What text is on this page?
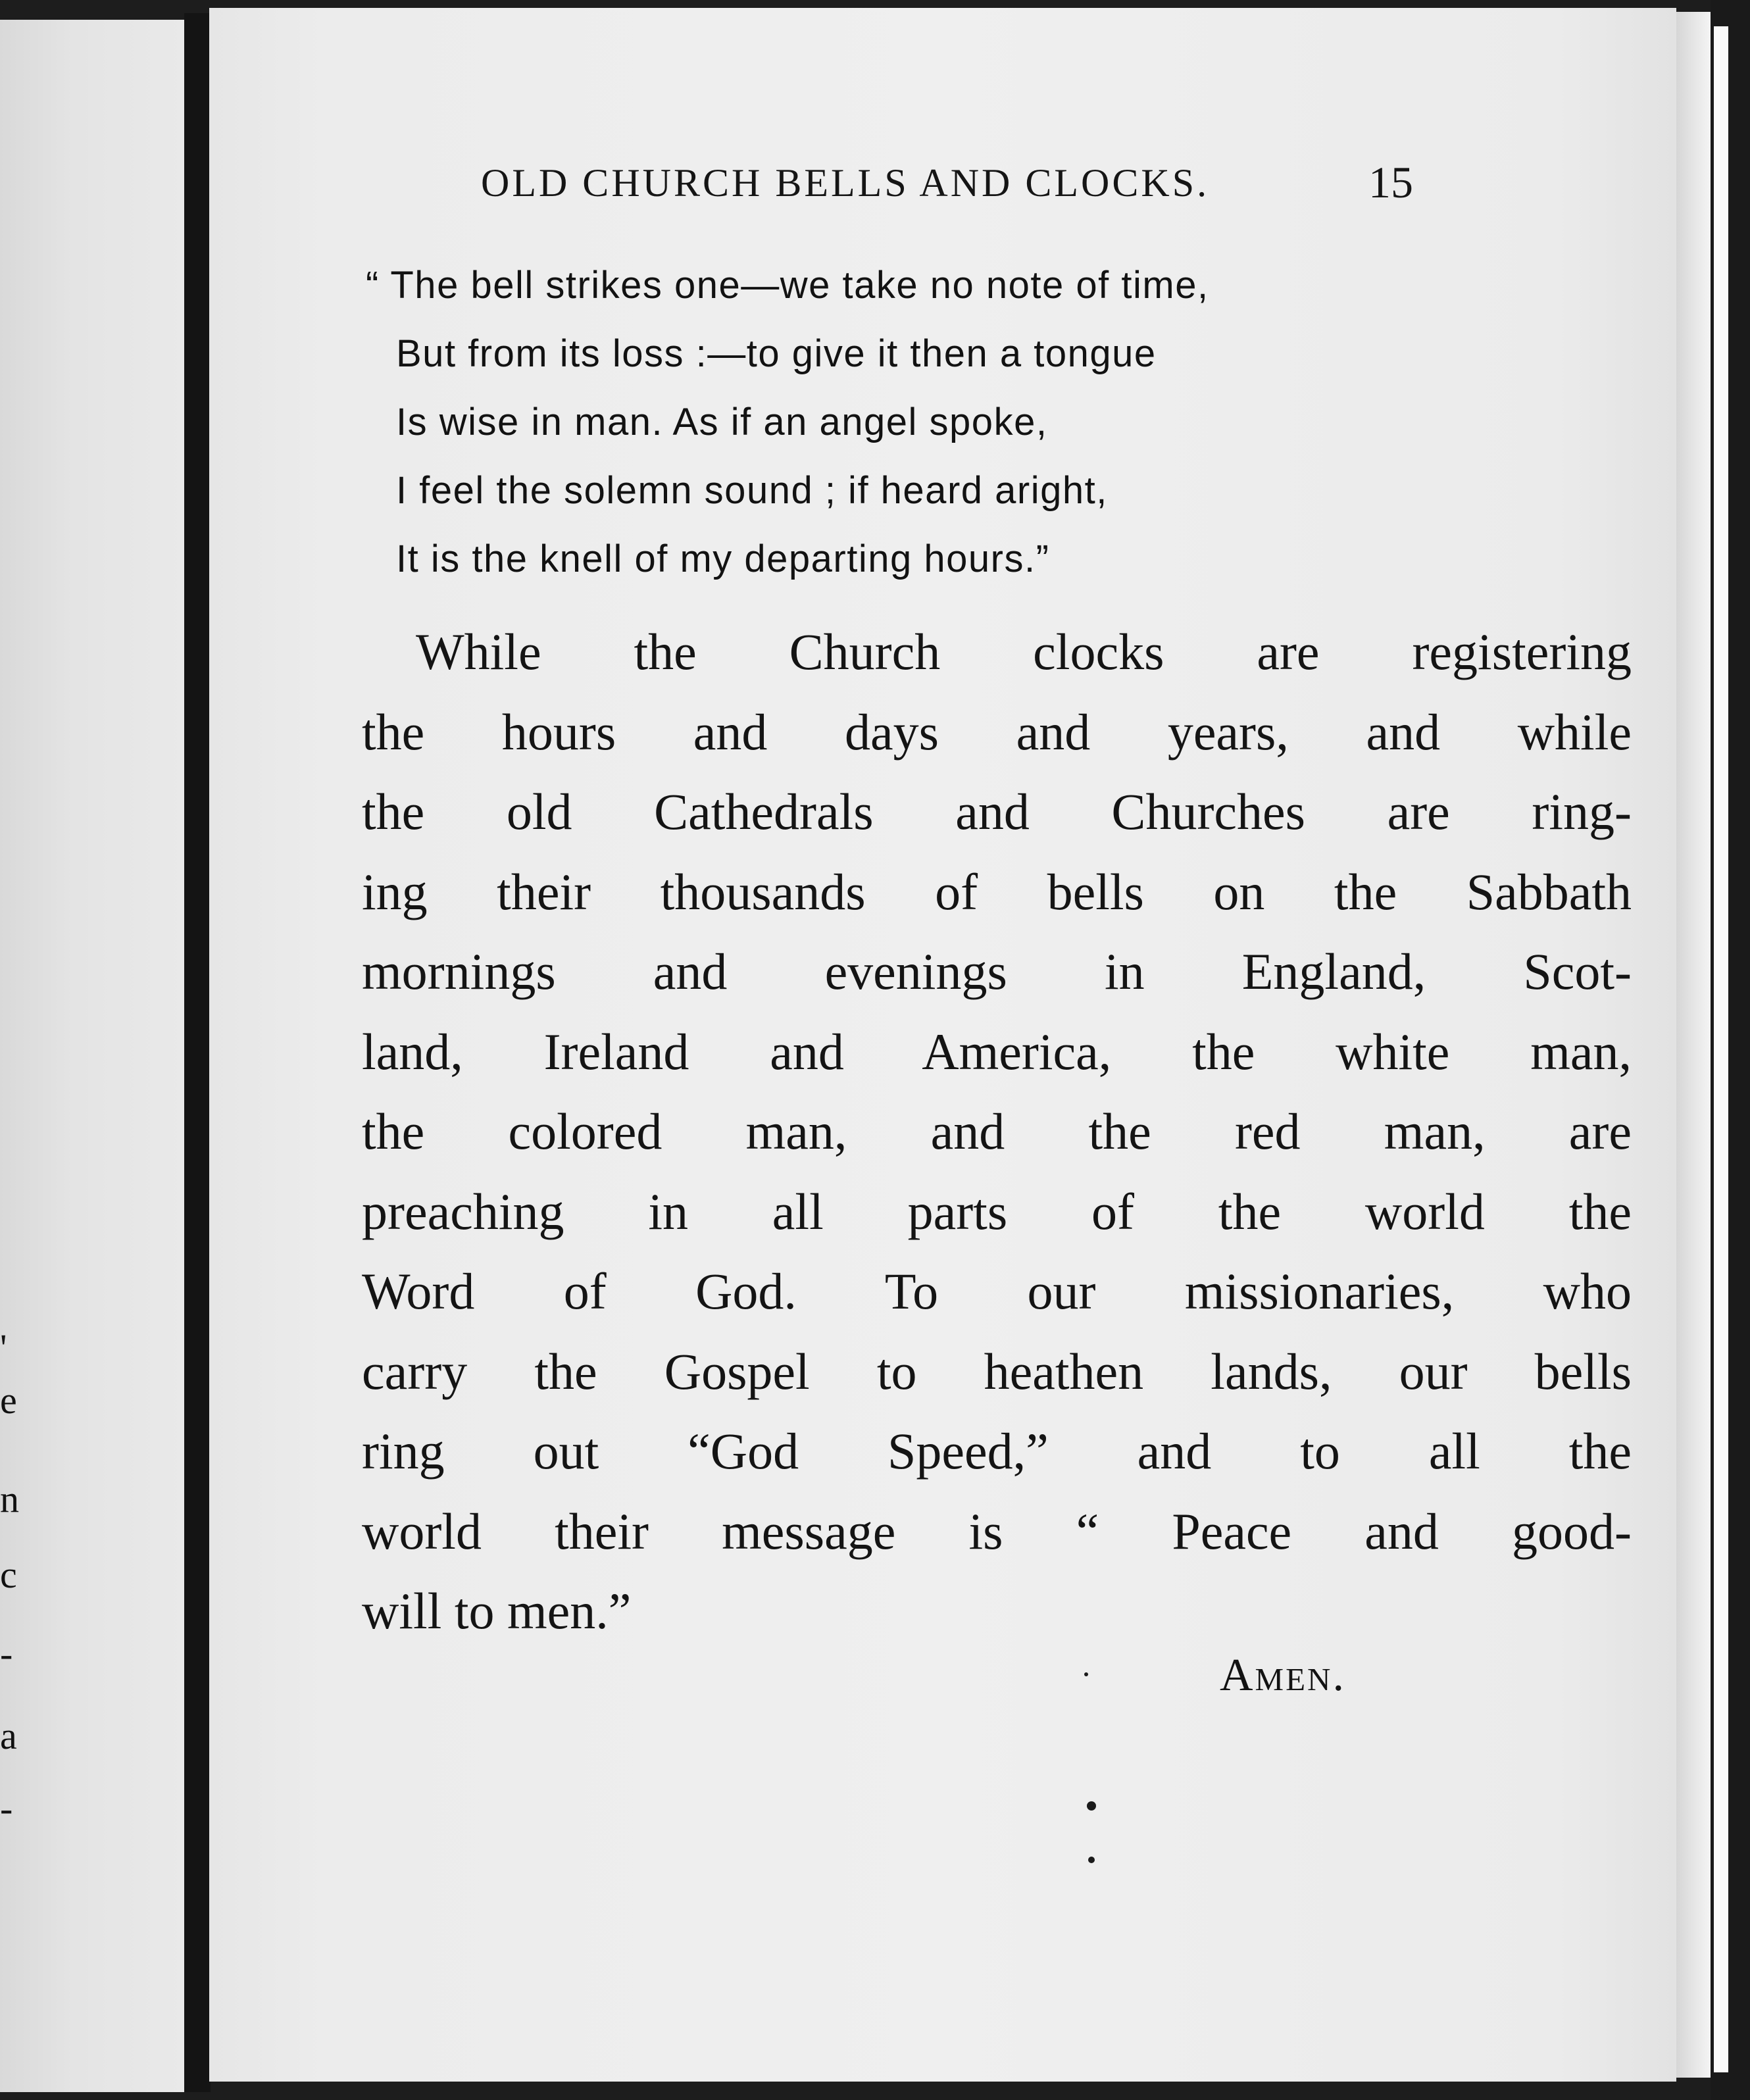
'
e
n
c
-
a
-
OLD CHURCH BELLS AND CLOCKS.	15
“ The bell strikes one—we take no note of time,
But from its loss :—to give it then a tongue
Is wise in man. As if an angel spoke,
I feel the solemn sound ; if heard aright,
It is the knell of my departing hours.”
While the Church clocks are registering
the hours and days and years, and while
the old Cathedrals and Churches are ring-
ing their thousands of bells on the Sabbath
mornings and evenings in England, Scot-
land, Ireland and America, the white man,
the colored man, and the red man, are
preaching in all parts of the world the
Word of God. To our missionaries, who
carry the Gospel to heathen lands, our bells
ring out “God Speed,” and to all the
world their message is “ Peace and good-
will to men.”
Amen.
